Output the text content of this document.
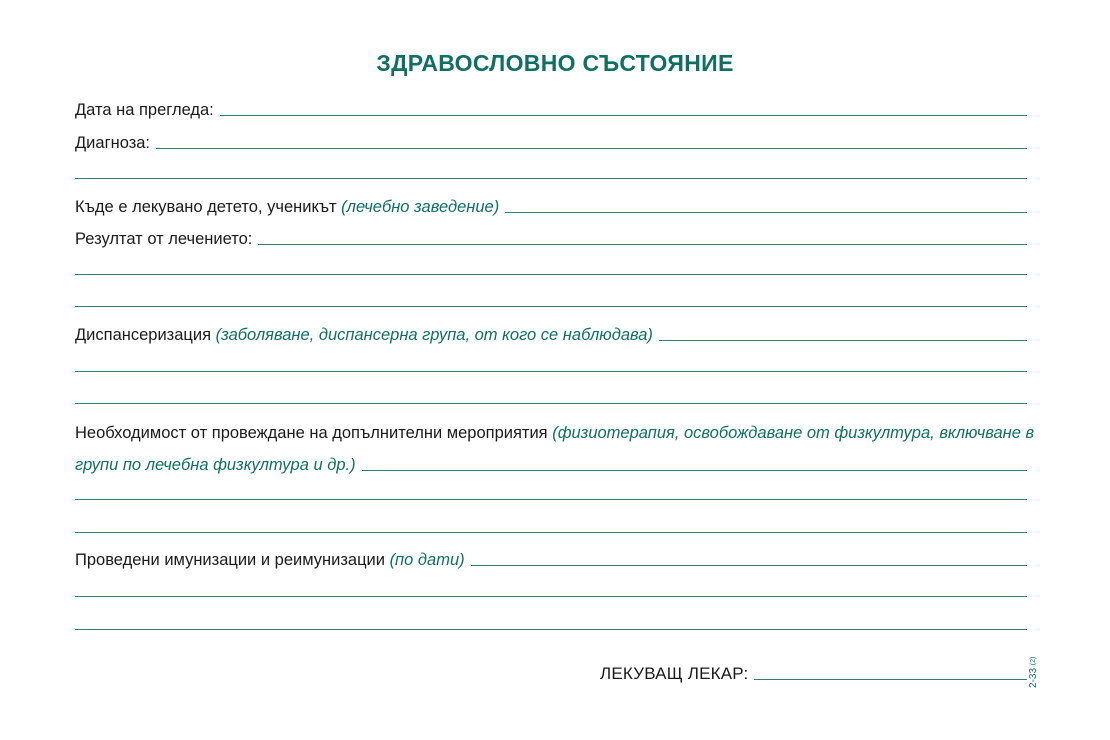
ЗДРАВОСЛОВНО СЪСТОЯНИЕ
Дата на прегледа:
Диагноза:
Къде е лекувано детето, ученикът (лечебно заведение)
Резултат от лечението:
Диспансеризация (заболяване, диспансерна група, от кого се наблюдава)
Необходимост от провеждане на допълнителни мероприятия (физиотерапия, освобождаване от физкултура, включване в
групи по лечебна физкултура и др.)
Проведени имунизации и реимунизации (по дати)
ЛЕКУВАЩ ЛЕКАР:	2-33 (2)
